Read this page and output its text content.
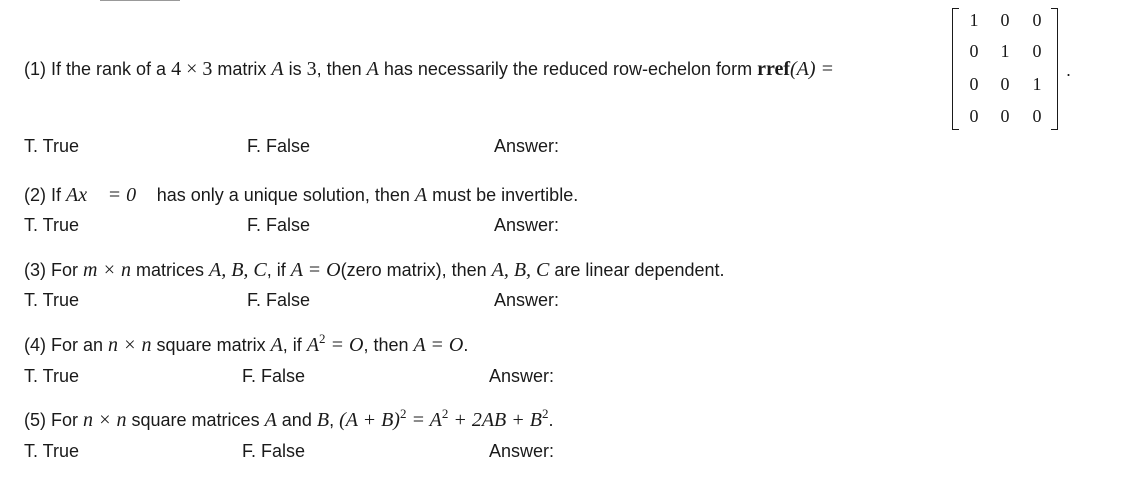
(1) If the rank of a 4 × 3 matrix A is 3, then A has necessarily the reduced row-echelon form rref(A) =
1	0	0
0	1	0
0	0	1
0	0	0
.
T. True	F. False	Answer:
(2) If Ax⃗ = 0⃗ has only a unique solution, then A must be invertible.
T. True	F. False	Answer:
(3) For m × n matrices A, B, C, if A = O(zero matrix), then A, B, C are linear dependent.
T. True	F. False	Answer:
(4) For an n × n square matrix A, if $A^2 = O$, then A = O.
T. True	F. False	Answer:
(5) For n × n square matrices A and B, $(A + B)^2 = A^2 + 2AB + B^2$.
T. True	F. False	Answer:
